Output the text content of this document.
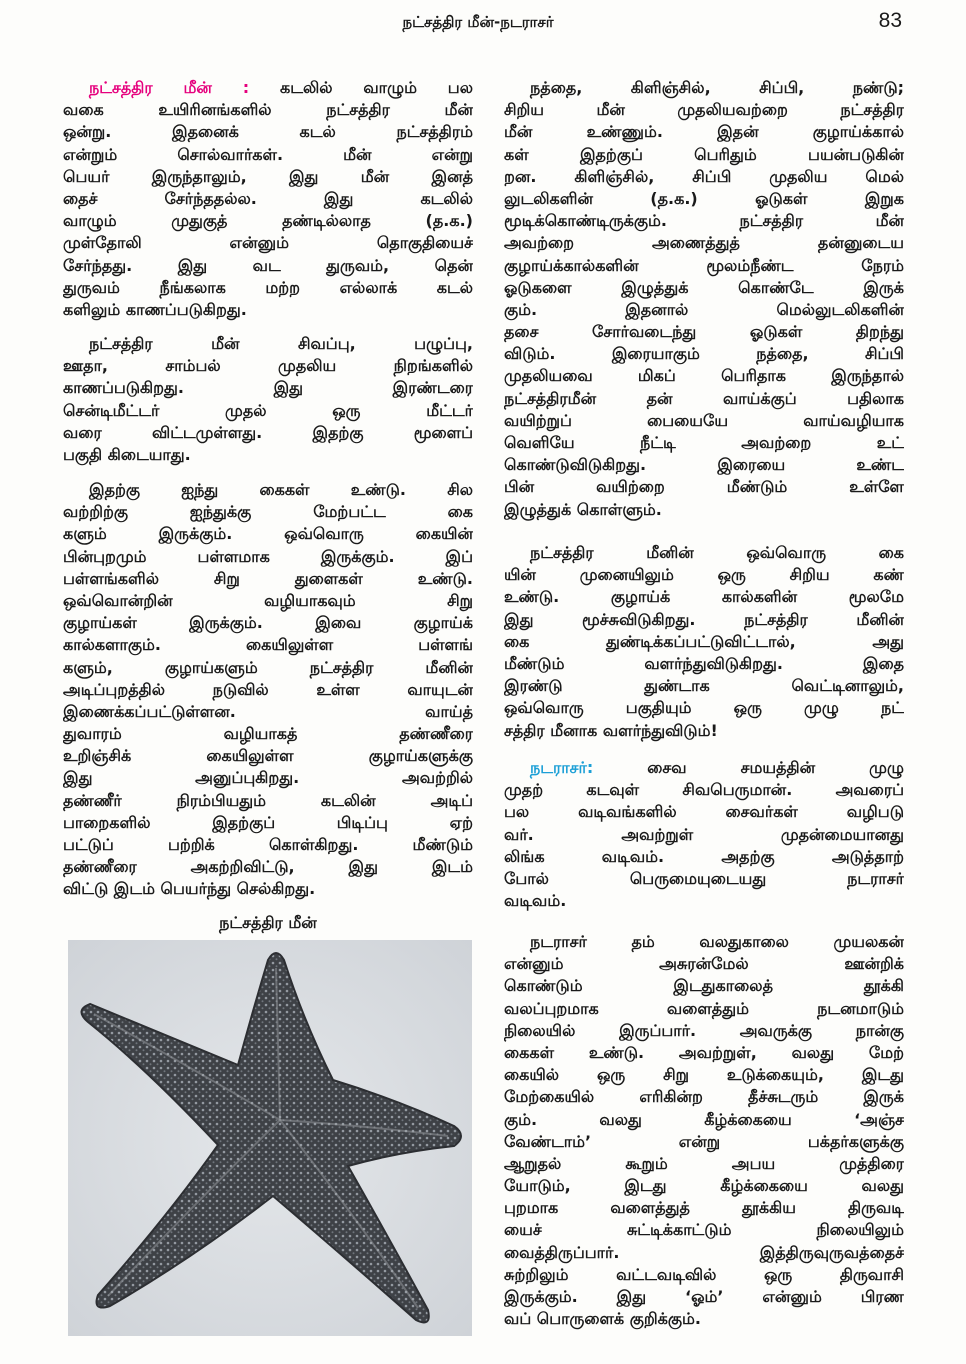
நட்சத்திர மீன்-நடராசர்	83
நட்சத்திர மீன் : கடலில் வாழும் பல
வகை உயிரினங்களில் நட்சத்திர மீன்
ஒன்று. இதனைக் கடல் நட்சத்திரம்
என்றும் சொல்வார்கள். மீன் என்று
பெயர் இருந்தாலும், இது மீன் இனத்
தைச் சேர்ந்ததல்ல. இது கடலில்
வாழும் முதுகுத் தண்டில்லாத (த.க.)
முள்தோலி என்னும் தொகுதியைச்
சேர்ந்தது. இது வட துருவம், தென்
துருவம் நீங்கலாக மற்ற எல்லாக் கடல்
களிலும் காணப்படுகிறது.
நட்சத்திர மீன் சிவப்பு, பழுப்பு,
ஊதா, சாம்பல் முதலிய நிறங்களில்
காணப்படுகிறது. இது இரண்டரை
சென்டிமீட்டர் முதல் ஒரு மீட்டர்
வரை விட்டமுள்ளது. இதற்கு மூளைப்
பகுதி கிடையாது.
இதற்கு ஐந்து கைகள் உண்டு. சில
வற்றிற்கு ஐந்துக்கு மேற்பட்ட கை
களும் இருக்கும். ஒவ்வொரு கையின்
பின்புறமும் பள்ளமாக இருக்கும். இப்
பள்ளங்களில் சிறு துளைகள் உண்டு.
ஒவ்வொன்றின் வழியாகவும் சிறு
குழாய்கள் இருக்கும். இவை குழாய்க்
கால்களாகும். கையிலுள்ள பள்ளங்
களும், குழாய்களும் நட்சத்திர மீனின்
அடிப்புறத்தில் நடுவில் உள்ள வாயுடன்
இணைக்கப்பட்டுள்ளன. வாய்த்
துவாரம் வழியாகத் தண்ணீரை
உறிஞ்சிக் கையிலுள்ள குழாய்களுக்கு
இது அனுப்புகிறது. அவற்றில்
தண்ணீர் நிரம்பியதும் கடலின் அடிப்
பாறைகளில் இதற்குப் பிடிப்பு ஏற்
பட்டுப் பற்றிக் கொள்கிறது. மீண்டும்
தண்ணீரை அகற்றிவிட்டு, இது இடம்
விட்டு இடம் பெயர்ந்து செல்கிறது.
நட்சத்திர மீன்
நத்தை, கிளிஞ்சில், சிப்பி, நண்டு;
சிறிய மீன் முதலியவற்றை நட்சத்திர
மீன் உண்ணும். இதன் குழாய்க்கால்
கள் இதற்குப் பெரிதும் பயன்படுகின்
றன. கிளிஞ்சில், சிப்பி முதலிய மெல்
லுடலிகளின் (த.க.) ஓடுகள் இறுக
மூடிக்கொண்டிருக்கும். நட்சத்திர மீன்
அவற்றை அணைத்துத் தன்னுடைய
குழாய்க்கால்களின் மூலம்நீண்ட நேரம்
ஓடுகளை இழுத்துக் கொண்டே இருக்
கும். இதனால் மெல்லுடலிகளின்
தசை சோர்வடைந்து ஓடுகள் திறந்து
விடும். இரையாகும் நத்தை, சிப்பி
முதலியவை மிகப் பெரிதாக இருந்தால்
நட்சத்திரமீன் தன் வாய்க்குப் பதிலாக
வயிற்றுப் பையையே வாய்வழியாக
வெளியே நீட்டி அவற்றை உட்
கொண்டுவிடுகிறது. இரையை உண்ட
பின் வயிற்றை மீண்டும் உள்ளே
இழுத்துக் கொள்ளும்.
நட்சத்திர மீனின் ஒவ்வொரு கை
யின் முனையிலும் ஒரு சிறிய கண்
உண்டு. குழாய்க் கால்களின் மூலமே
இது மூச்சுவிடுகிறது. நட்சத்திர மீனின்
கை துண்டிக்கப்பட்டுவிட்டால், அது
மீண்டும் வளர்ந்துவிடுகிறது. இதை
இரண்டு துண்டாக வெட்டினாலும்,
ஒவ்வொரு பகுதியும் ஒரு முழு நட்
சத்திர மீனாக வளர்ந்துவிடும்!
நடராசர்:	சைவ சமயத்தின் முழு
முதற் கடவுள் சிவபெருமான். அவரைப்
பல வடிவங்களில் சைவர்கள் வழிபடு
வர். அவற்றுள் முதன்மையானது
லிங்க வடிவம். அதற்கு அடுத்தாற்
போல் பெருமையுடையது நடராசர்
வடிவம்.
நடராசர் தம் வலதுகாலை முயலகன்
என்னும் அசுரன்மேல் ஊன்றிக்
கொண்டும் இடதுகாலைத் தூக்கி
வலப்புறமாக வளைத்தும் நடனமாடும்
நிலையில் இருப்பார். அவருக்கு நான்கு
கைகள் உண்டு. அவற்றுள், வலது மேற்
கையில் ஒரு சிறு உடுக்கையும், இடது
மேற்கையில் எரிகின்ற தீச்சுடரும் இருக்
கும். வலது கீழ்க்கையை ‘அஞ்ச
வேண்டாம்’ என்று பக்தர்களுக்கு
ஆறுதல் கூறும் அபய முத்திரை
யோடும், இடது கீழ்க்கையை வலது
புறமாக வளைத்துத் தூக்கிய திருவடி
யைச் சுட்டிக்காட்டும் நிலையிலும்
வைத்திருப்பார். இத்திருவுருவத்தைச்
சுற்றிலும் வட்டவடிவில் ஒரு திருவாசி
இருக்கும். இது ‘ஓம்’ என்னும் பிரண
வப் பொருளைக் குறிக்கும்.
